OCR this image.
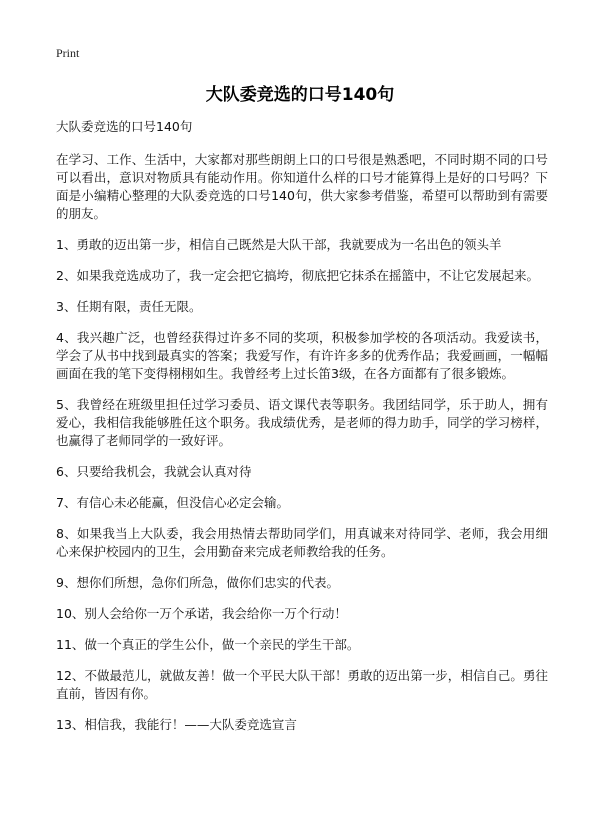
Print
大队委竞选的口号140句

大队委竞选的口号140句

在学习、工作、生活中，大家都对那些朗朗上口的口号很是熟悉吧，不同时期不同的口号可以看出，意识对物质具有能动作用。你知道什么样的口号才能算得上是好的口号吗？下面是小编精心整理的大队委竞选的口号140句，供大家参考借鉴，希望可以帮助到有需要的朋友。

1、勇敢的迈出第一步，相信自己既然是大队干部，我就要成为一名出色的领头羊

2、如果我竞选成功了，我一定会把它搞垮，彻底把它抹杀在摇篮中，不让它发展起来。

3、任期有限，责任无限。

4、我兴趣广泛，也曾经获得过许多不同的奖项，积极参加学校的各项活动。我爱读书，学会了从书中找到最真实的答案；我爱写作，有许许多多的优秀作品；我爱画画，一幅幅画面在我的笔下变得栩栩如生。我曾经考上过长笛3级，在各方面都有了很多锻炼。

5、我曾经在班级里担任过学习委员、语文课代表等职务。我团结同学，乐于助人，拥有爱心，我相信我能够胜任这个职务。我成绩优秀，是老师的得力助手，同学的学习榜样，也赢得了老师同学的一致好评。

6、只要给我机会，我就会认真对待

7、有信心未必能赢，但没信心必定会输。

8、如果我当上大队委，我会用热情去帮助同学们，用真诚来对待同学、老师，我会用细心来保护校园内的卫生，会用勤奋来完成老师教给我的任务。

9、想你们所想，急你们所急，做你们忠实的代表。

10、别人会给你一万个承诺，我会给你一万个行动！

11、做一个真正的学生公仆，做一个亲民的学生干部。

12、不做最范儿，就做友善！做一个平民大队干部！勇敢的迈出第一步，相信自己。勇往直前，皆因有你。

13、相信我，我能行！——大队委竞选宣言
